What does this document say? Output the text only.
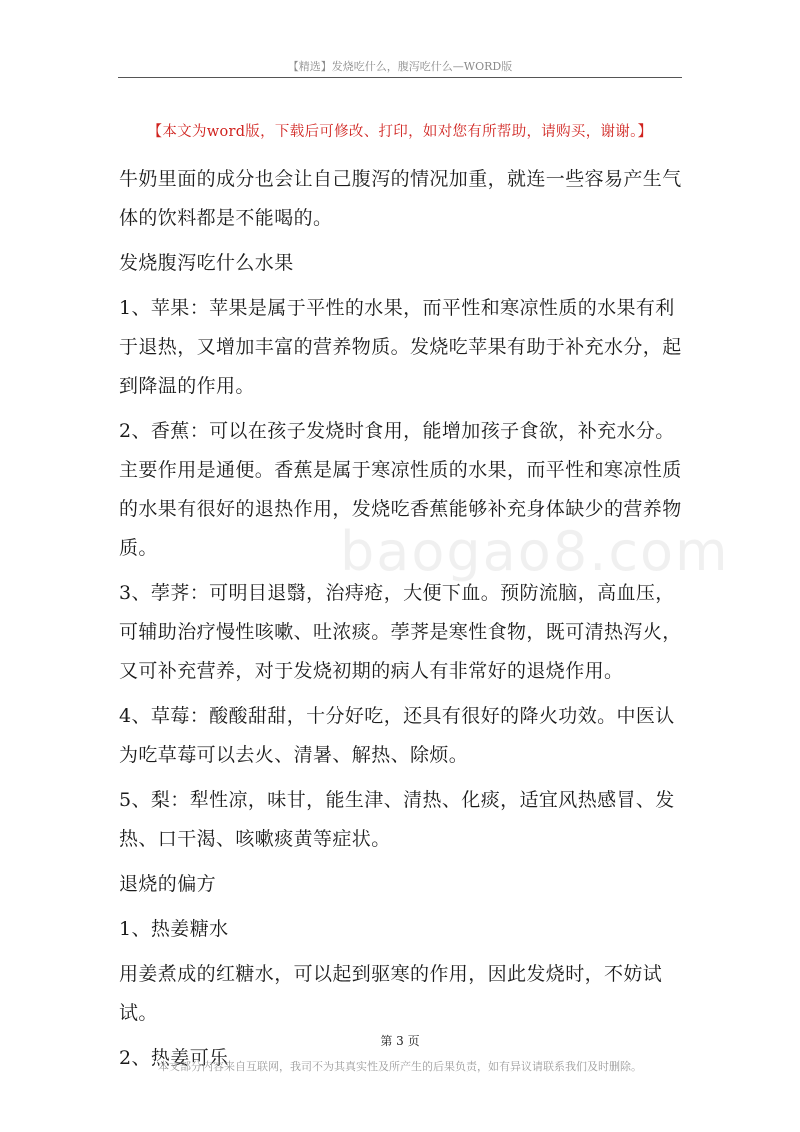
【精选】发烧吃什么，腹泻吃什么—WORD版
【本文为word版，下载后可修改、打印，如对您有所帮助，请购买，谢谢。】

牛奶里面的成分也会让自己腹泻的情况加重，就连一些容易产生气体的饮料都是不能喝的。

发烧腹泻吃什么水果

1、苹果：苹果是属于平性的水果，而平性和寒凉性质的水果有利于退热，又增加丰富的营养物质。发烧吃苹果有助于补充水分，起到降温的作用。

2、香蕉：可以在孩子发烧时食用，能增加孩子食欲，补充水分。主要作用是通便。香蕉是属于寒凉性质的水果，而平性和寒凉性质的水果有很好的退热作用，发烧吃香蕉能够补充身体缺少的营养物质。

3、荸荠：可明目退翳，治痔疮，大便下血。预防流脑，高血压，可辅助治疗慢性咳嗽、吐浓痰。荸荠是寒性食物，既可清热泻火，又可补充营养，对于发烧初期的病人有非常好的退烧作用。

4、草莓：酸酸甜甜，十分好吃，还具有很好的降火功效。中医认为吃草莓可以去火、清暑、解热、除烦。

5、梨：犁性凉，味甘，能生津、清热、化痰，适宜风热感冒、发热、口干渴、咳嗽痰黄等症状。

退烧的偏方

1、热姜糖水

用姜煮成的红糖水，可以起到驱寒的作用，因此发烧时，不妨试试。

2、热姜可乐

baogao8.com
第 3 页
本文部分内容来自互联网，我司不为其真实性及所产生的后果负责，如有异议请联系我们及时删除。
